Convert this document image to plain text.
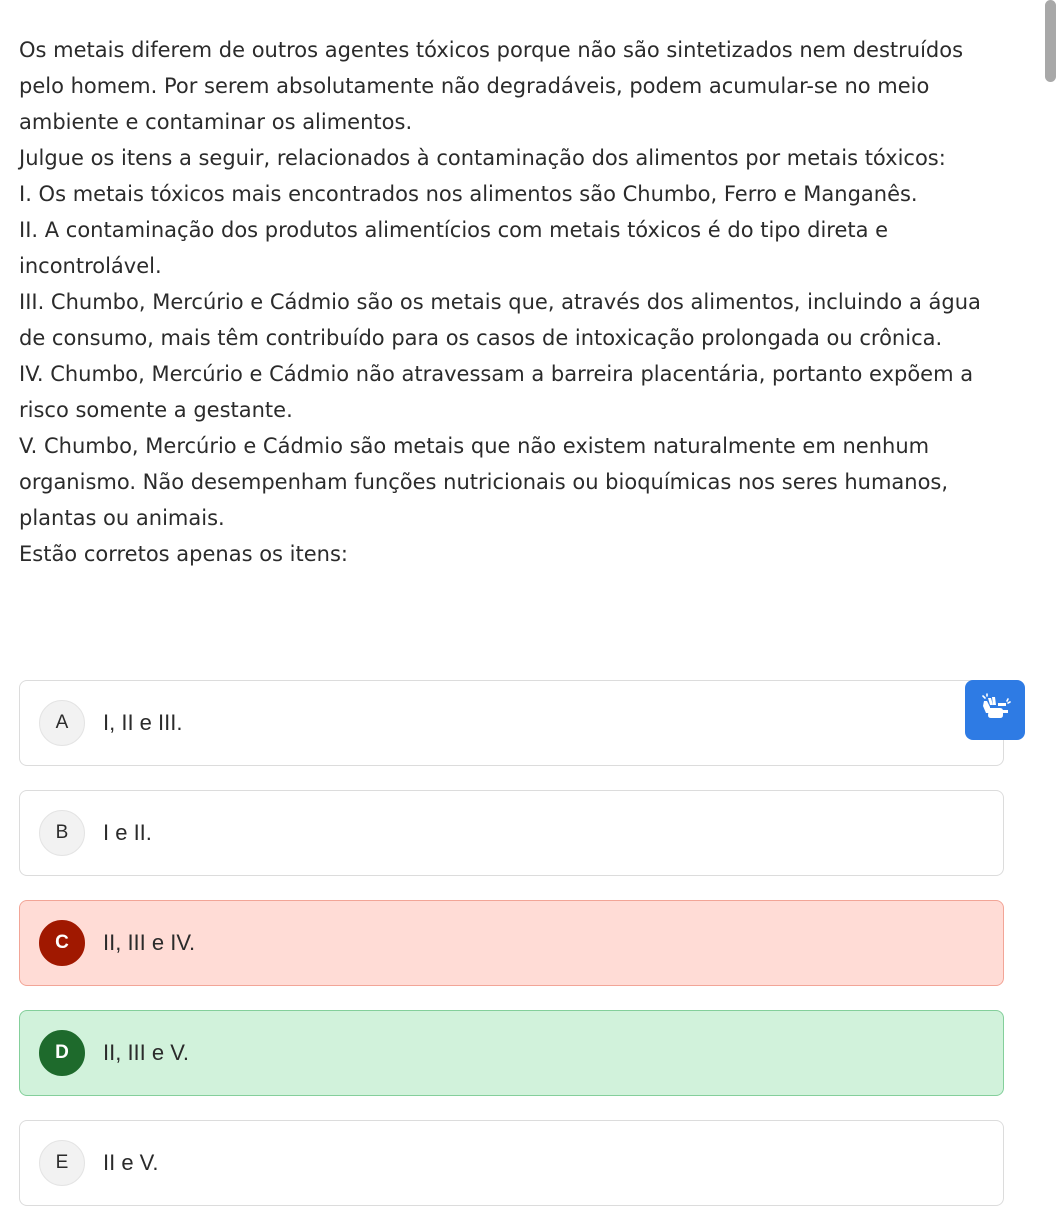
Os metais diferem de outros agentes tóxicos porque não são sintetizados nem destruídos pelo homem. Por serem absolutamente não degradáveis, podem acumular-se no meio ambiente e contaminar os alimentos.

Julgue os itens a seguir, relacionados à contaminação dos alimentos por metais tóxicos:

I. Os metais tóxicos mais encontrados nos alimentos são Chumbo, Ferro e Manganês.

II. A contaminação dos produtos alimentícios com metais tóxicos é do tipo direta e incontrolável.

III. Chumbo, Mercúrio e Cádmio são os metais que, através dos alimentos, incluindo a água de consumo, mais têm contribuído para os casos de intoxicação prolongada ou crônica.

IV. Chumbo, Mercúrio e Cádmio não atravessam a barreira placentária, portanto expõem a risco somente a gestante.

V. Chumbo, Mercúrio e Cádmio são metais que não existem naturalmente em nenhum organismo. Não desempenham funções nutricionais ou bioquímicas nos seres humanos, plantas ou animais.

Estão corretos apenas os itens:

A	I, II e III.
B	I e II.
C	II, III e IV.
D	II, III e V.
E	II e V.
